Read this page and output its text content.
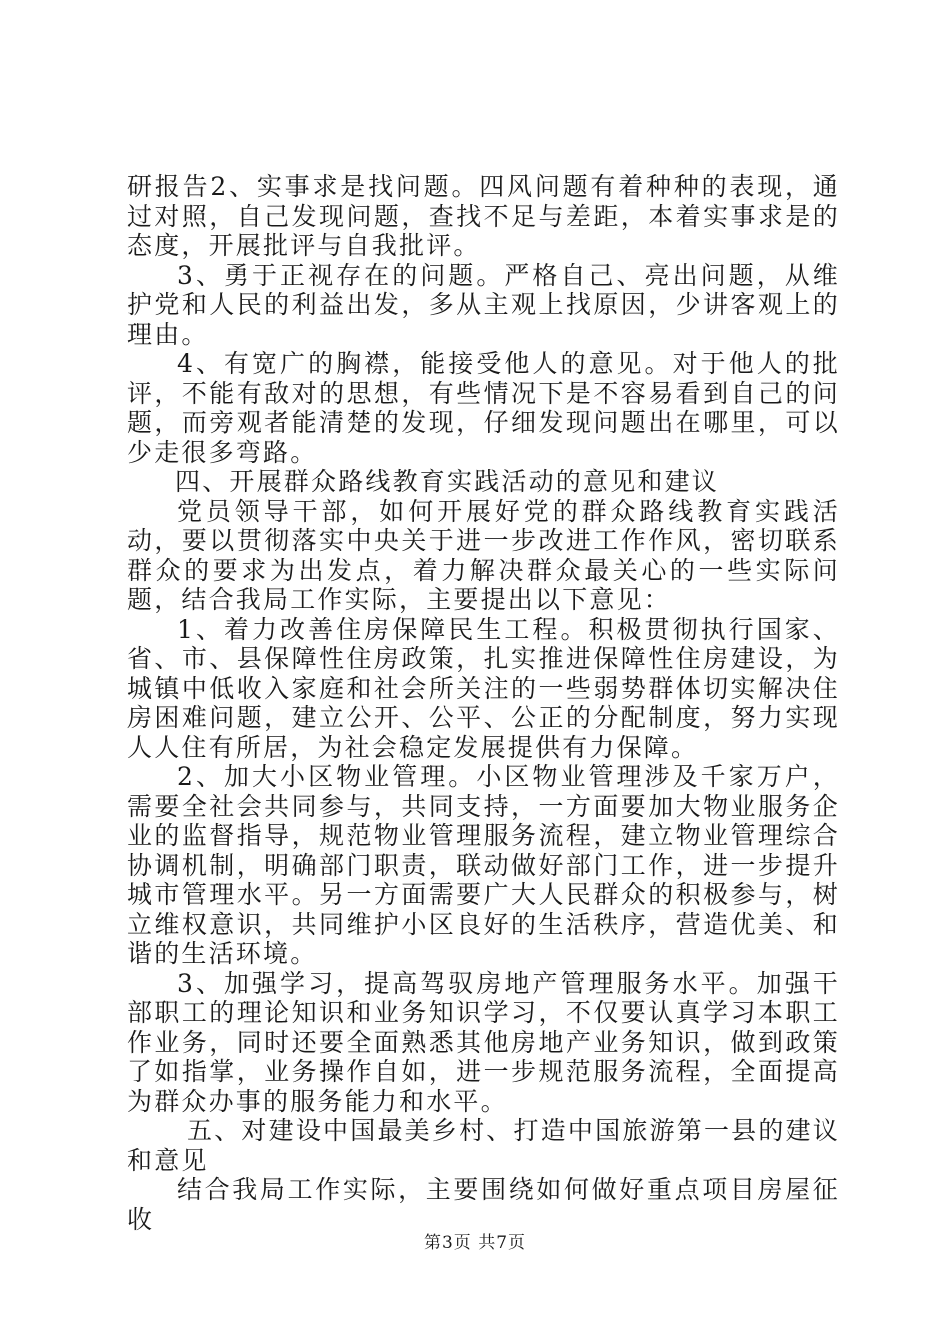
研报告2、实事求是找问题。四风问题有着种种的表现，通过对照，自己发现问题，查找不足与差距，本着实事求是的态度，开展批评与自我批评。

3、勇于正视存在的问题。严格自己、亮出问题，从维护党和人民的利益出发，多从主观上找原因，少讲客观上的理由。

4、有宽广的胸襟，能接受他人的意见。对于他人的批评，不能有敌对的思想，有些情况下是不容易看到自己的问题，而旁观者能清楚的发现，仔细发现问题出在哪里，可以少走很多弯路。

四、开展群众路线教育实践活动的意见和建议

党员领导干部，如何开展好党的群众路线教育实践活动，要以贯彻落实中央关于进一步改进工作作风，密切联系群众的要求为出发点，着力解决群众最关心的一些实际问题，结合我局工作实际，主要提出以下意见：

1、着力改善住房保障民生工程。积极贯彻执行国家、省、市、县保障性住房政策，扎实推进保障性住房建设，为城镇中低收入家庭和社会所关注的一些弱势群体切实解决住房困难问题，建立公开、公平、公正的分配制度，努力实现人人住有所居，为社会稳定发展提供有力保障。

2、加大小区物业管理。小区物业管理涉及千家万户，需要全社会共同参与，共同支持，一方面要加大物业服务企业的监督指导，规范物业管理服务流程，建立物业管理综合协调机制，明确部门职责，联动做好部门工作，进一步提升城市管理水平。另一方面需要广大人民群众的积极参与，树立维权意识，共同维护小区良好的生活秩序，营造优美、和谐的生活环境。

3、加强学习，提高驾驭房地产管理服务水平。加强干部职工的理论知识和业务知识学习，不仅要认真学习本职工作业务，同时还要全面熟悉其他房地产业务知识，做到政策了如指掌，业务操作自如，进一步规范服务流程，全面提高为群众办事的服务能力和水平。

五、对建设中国最美乡村、打造中国旅游第一县的建议和意见

结合我局工作实际，主要围绕如何做好重点项目房屋征收

第3页 共7页
